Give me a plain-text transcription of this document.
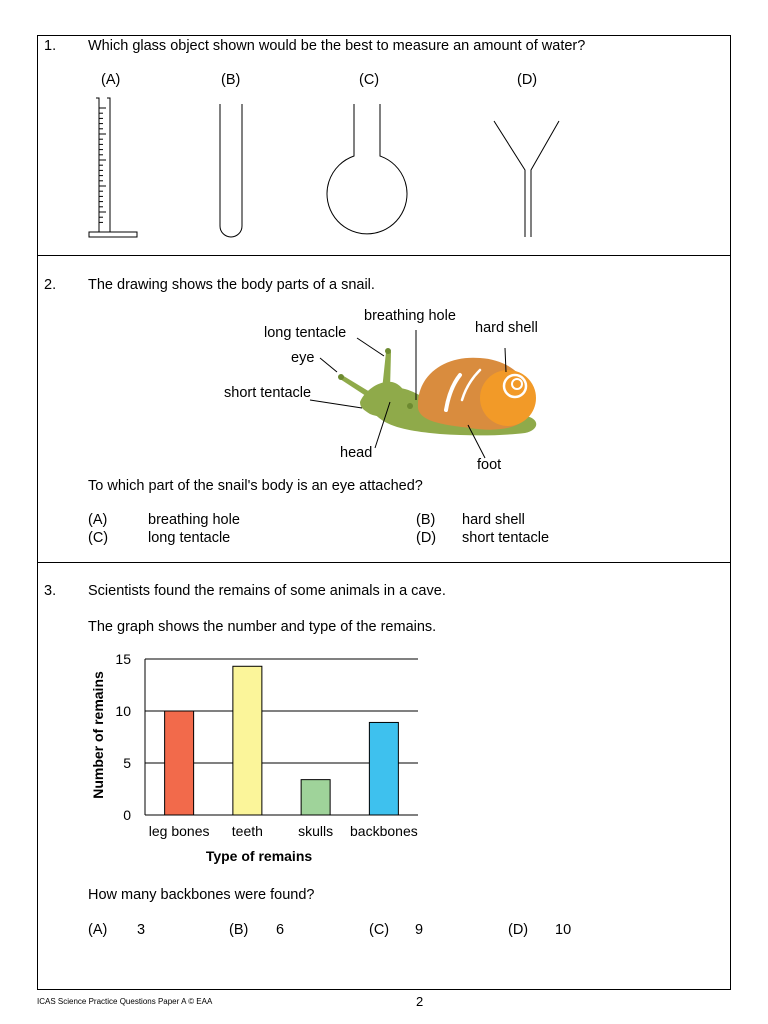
1. Which glass object shown would be the best to measure an amount of water?
(A)	(B)	(C)	(D)
2. The drawing shows the body parts of a snail.
breathing hole
long tentacle	hard shell
eye
short tentacle
head
foot
To which part of the snail's body is an eye attached?
(A)	breathing hole	(B) hard shell
(C)	long tentacle	(D) short tentacle
3. Scientists found the remains of some animals in a cave.
The graph shows the number and type of the remains.
0
5
10
15
leg bones teeth	skulls backbones
Type of remains
Number of remains
How many backbones were found?
(A) 3	(B) 6	(C) 9	(D) 10
ICAS Science Practice Questions Paper A © EAA	2
